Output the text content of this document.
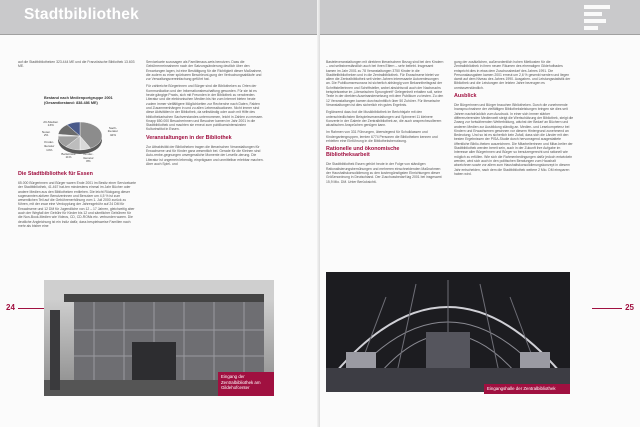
Stadtbibliothek

auf die Stadtbibliotheken 323.444 ME und die Französische Bibliothek 13.603 ME.

Bestand nach Medienportgruppe 2001 (Gesamtbestand: 838.486 ME)
Die Stadtbibliothek für Essen

65.000 Bürgerinnen und Bürger waren Ende 2001 im Besitz einer Servicekarte der Stadtbibliothek, 41.467 hat-ten mindestens einmal im Jahr Bücher oder andere Medien aus den Bibliotheken entliehen. Die leicht Rückgang dieser sogenannten aktiven Benutzerinnen und Benutzer um 4,5 % ist zum wesentlichen Teil auf die Gebührenerhöhung vom 1. Juli 2000 zurück zu führen, mit der zwar eine Verdopplung der Jahresgebühr auf 24 DM für Erwachsene und 12 DM für Jugendliche von 12 – 17 Jahren, gleichzeitig aber auch der Wegfall der Gebühr für Kinder bis 12 und sämtlicher Gebühren für die Non-Book-Medien wie Videos, CD, CD-ROMs etc. verbunden waren. Die deutliche Angleichung ist ein Indiz dafür, dass bespielsweise Familien nach mehr als bisher eine

Servicekarte sozusagen als Familienaus-weis benutzen. Dass die Gebührenreinnahmen nach der Satzungsänderung deutlich über den Erwartungen lagen, ist eine Bestätigung für die Richtigkeit dieser Maßnahme, die zudem zu einer spürbaren Beschleuni-gung der Verbuchungsabläufe und zur Verwaltungsvereinfachung geführt hat.

Für zahlreiche Bürgerinnen und Bürger sind die Bibliotheken zu Orten der Kommunikation und der Informationsbeschaffung geworden. Für sie ist es heute gängige Praxis, sich mit Freunden in der Bibliothek zu verabreden. Literatur und die elektronischen Medien bis hin zum Internet bieten heute zudem immer vielfältigere Möglichkeiten zur Recherche nach Daten, Fakten und Zusammenhängen in und zu allen Lebenssituationen. Nicht immer sind diese Aktivitäten in der Bibliothek, da selbständig oder auch mit Hilfe des bibliothekarischen Sachverstandes unternommen, leicht in Zahlen zu messen. Knapp 650.000 Besucherinnen und Besucher kamen im Jahr 2001 in die Stadtbibliothek und machten sie erneut zum publikumsintensivsten Kulturinstitut in Essen.

Veranstaltungen in der Bibliothek

Zur Attraktivität der Bibliotheken tragen die literarischen Veranstaltungen für Erwachsene und für Kinder ganz wesentlich bei. Gerade für die Kleinen sind Auto-renbe-gegnungen unvergessliche Momente der Leseför-derung. Die Literatur ist ungemein lebendig, einprägsam und unmittelbar erlebbar machen. Aber auch Spiel- und

24
Eingang der Zentralbibliothek am Gildehofcenter

Basteleveranstaltungen mit direktem literarischem Bezug sind bei den Kindern – und selbstverständlich auch bei ihren Eltern – sehr beliebt. Insgesamt kamen im Jahr 2001 zu 78 Veranstaltungen 3750 Kinder in die Stadtteilbibliotheken und in die Zentralbibliothek. Für Erwachsene bietet vor allem die Zentralbibliothek seit vielen Jahren interessante Autorenlesungen an. Die Publikumsresonanz ist sicherlich abhängig vom Bekanntheitsgrad der Schriftstellerinnen und Schriftsteller, wobei absichtsvoll auch der Nachwuchs beispielsweise im „Literarischen Sprungbrett“ Gelegenheit erhalten soll, seine Texte in der direkten Auseinandersetzung mit dem Publikum zu testen. Zu den 12 Veranstaltungen kamen durchschnittlich über 50 Zuhörer. Für literarische Veranstaltungen ist dies sicherlich ein gutes Ergebnis.

Erglänzend dazu bot die Musikbibliothek im Berichtsjahr mit den unterschiedlichsten Beispielsveranstaltungen und Spinnerei 11 kleinere Konzerte in der Galerie der Zentralbibliothek an, die auch ansprechsvollerem akustischen Ansprüchen genügen kann.

Im Rahmen von 331 Führungen, überwiegend für Schulklassen und Kindergartengruppen, lernten 6774 Personen die Bibliotheken kennen und erhielten eine Einführung in die Bibliotheksbenutzung.

Rationelle und ökonomische Bibliotheksarbeit

Die Stadtbibliothek Essen gehört heute in der Folge von ständigen Rationalisierungsbemühungen und mehreren einschneidenden Maßnahmen der Haushaltskonsolidierung zu den kostengünstigsten Einrichtungen dieser Größenordnung in Deutschland. Der Zuschussbedarf lag 2001 bei insgesamt 15,9 Mio. DM. Unter Berücksichti-

gung der zusätzlichen, außerordentlich hohen Mietkosten für die Zentralbibliothek in ihren neuen Räumen des ehemaligen Gildehofbades entspricht dies in etwa dem Zuschussbedarf des Jahres 1991. Die Personalausgaben kamen 2001 erneut um 2,6 % gesenkt werden und liegen damit auf dem Niveau des Jahres 1990. Ausgaben- und Leistungsstatistik der Bibliothek und die Leistungen der letzten Jahre bezeugen es unmissverständlich.

Ausblick

Die Bürgerinnen und Bürger brauchen Bibliotheken. Durch die zunehmende Inanspruchnahme der vielfältigen Bibliotheksleistungen bringen sie dies seit Jahren nachdrücklich zum Ausdruck. In einer sich immer stärker differenzierenden Medienwelt steigt die Wertschätzung der Bibliothek, steigt die Zwang zur fortwährenden Weiterbildung, wächst der Bedarf an Büchern und anderen Medien zur Ausbildung ständig an. Medien- und Lesekompetenz bei Kindern und Erwachsenen gewinnen vor diesem Hintergrund zunehmend an Bedeutung. Und so ist es sicherlich kein Zufall, dass sich die Länder mit den besten Ergebnissen der PISA-Studie durch hervorragend ausgestattete öffentliche Biblio-theken auszeichnen. Die Mitarbeiterinnen und Mitar-beiter der Stadtbibliothek werden bereit sein, auch in der Zukunft ihre Aufgabe im Interesse aller Bürgerinnen und Bürger so benutzergerecht und rationell wie möglich zu erfüllen. Wie sich die Rahmenbedingungen dafür jedoch entwickeln werden, wird sich auch in den politischen Beratungen zum Haushalt abzeichnen sowie vor allem zum Haushaltskonsolidierungskonzept in diesem Jahr entscheiden, nach dem die Stadtbibliothek weitere 2 Mio. DM einsparen haben wird.

25
Eingangshalle der Zentralbibliothek
Sach-
literatur
42%
Kinder-literatur
8%
Belletristik
11%
Kinder-
literatur
14%
Noten
2%
AV-Medien
13%
